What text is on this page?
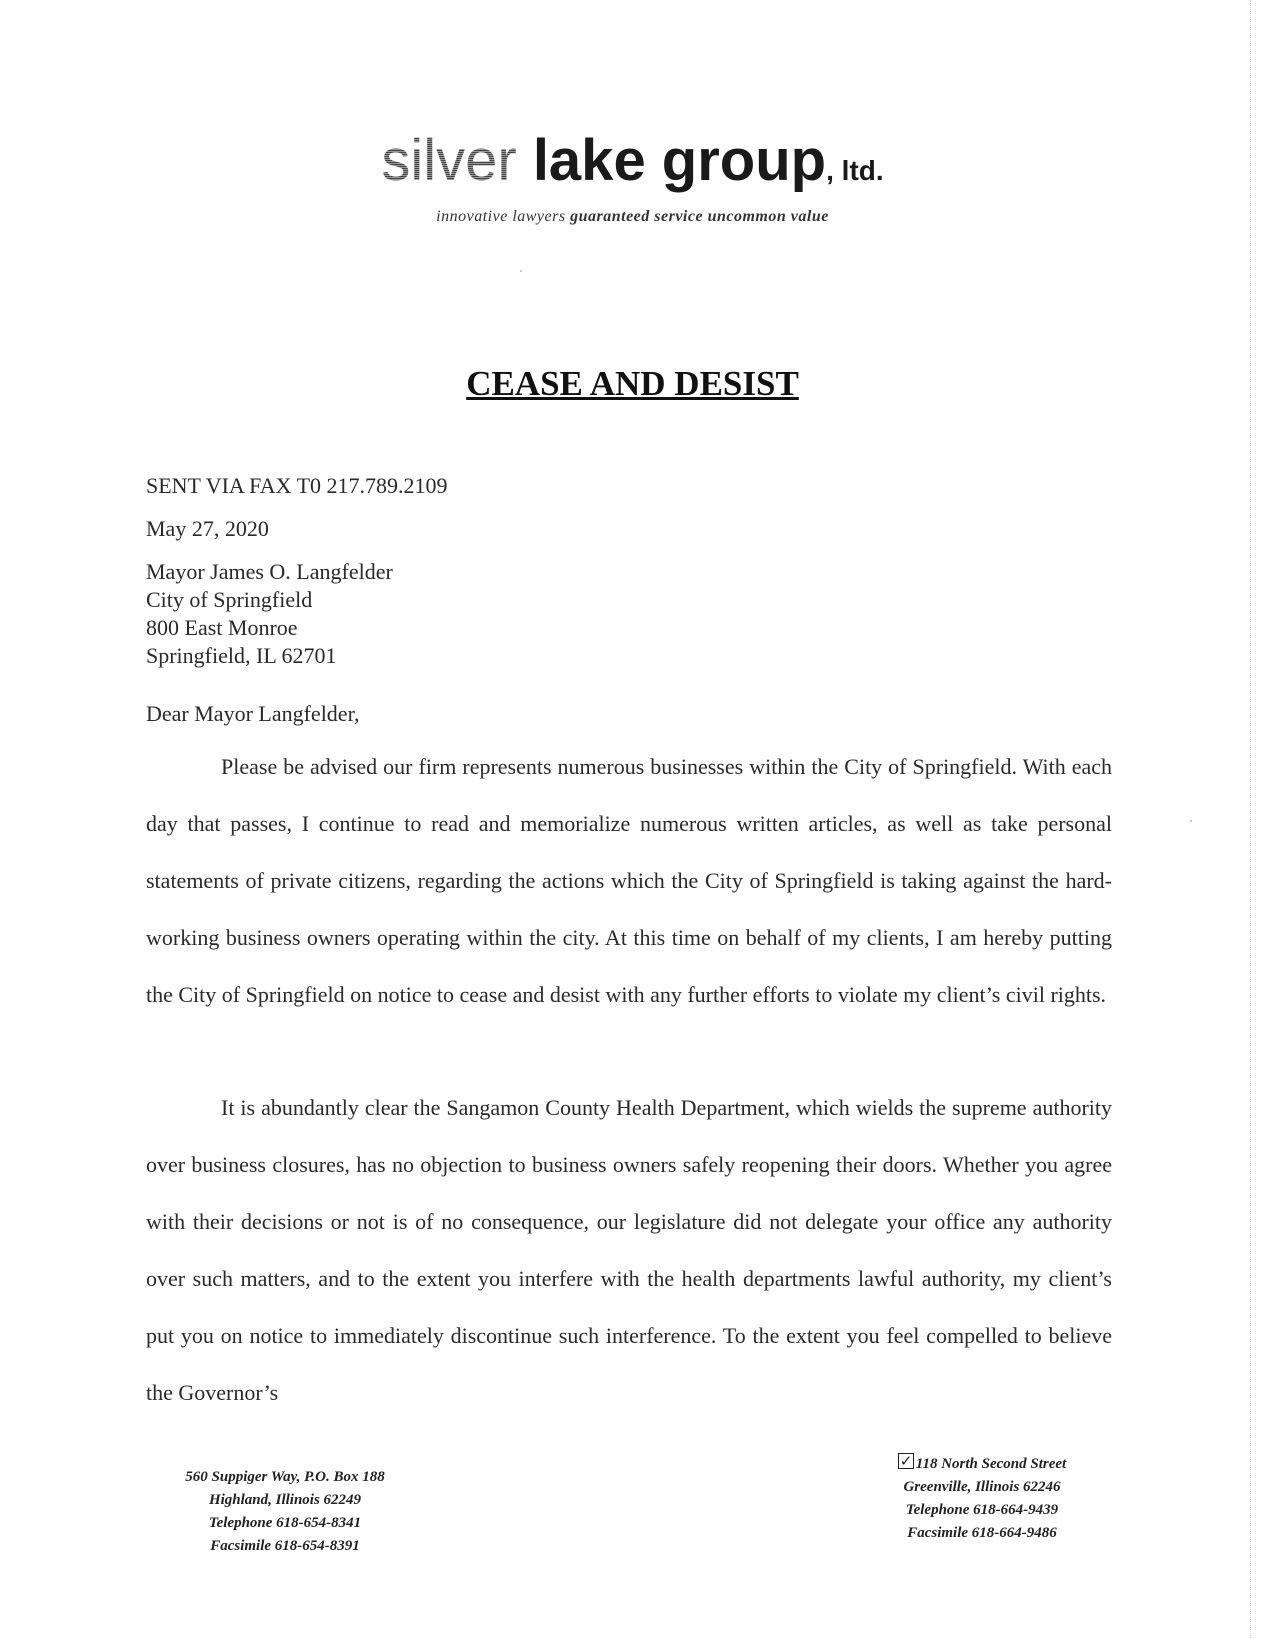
silver lake group, ltd.
innovative lawyers guaranteed service uncommon value
CEASE AND DESIST
SENT VIA FAX T0 217.789.2109
May 27, 2020
Mayor James O. Langfelder
City of Springfield
800 East Monroe
Springfield, IL 62701
Dear Mayor Langfelder,

Please be advised our firm represents numerous businesses within the City of Springfield. With each day that passes, I continue to read and memorialize numerous written articles, as well as take personal statements of private citizens, regarding the actions which the City of Springfield is taking against the hard-working business owners operating within the city. At this time on behalf of my clients, I am hereby putting the City of Springfield on notice to cease and desist with any further efforts to violate my client’s civil rights.

It is abundantly clear the Sangamon County Health Department, which wields the supreme authority over business closures, has no objection to business owners safely reopening their doors. Whether you agree with their decisions or not is of no consequence, our legislature did not delegate your office any authority over such matters, and to the extent you interfere with the health departments lawful authority, my client’s put you on notice to immediately discontinue such interference. To the extent you feel compelled to believe the Governor’s

560 Suppiger Way, P.O. Box 188
Highland, Illinois 62249
Telephone 618-654-8341
Facsimile 618-654-8391
✓118 North Second Street
Greenville, Illinois 62246
Telephone 618-664-9439
Facsimile 618-664-9486
